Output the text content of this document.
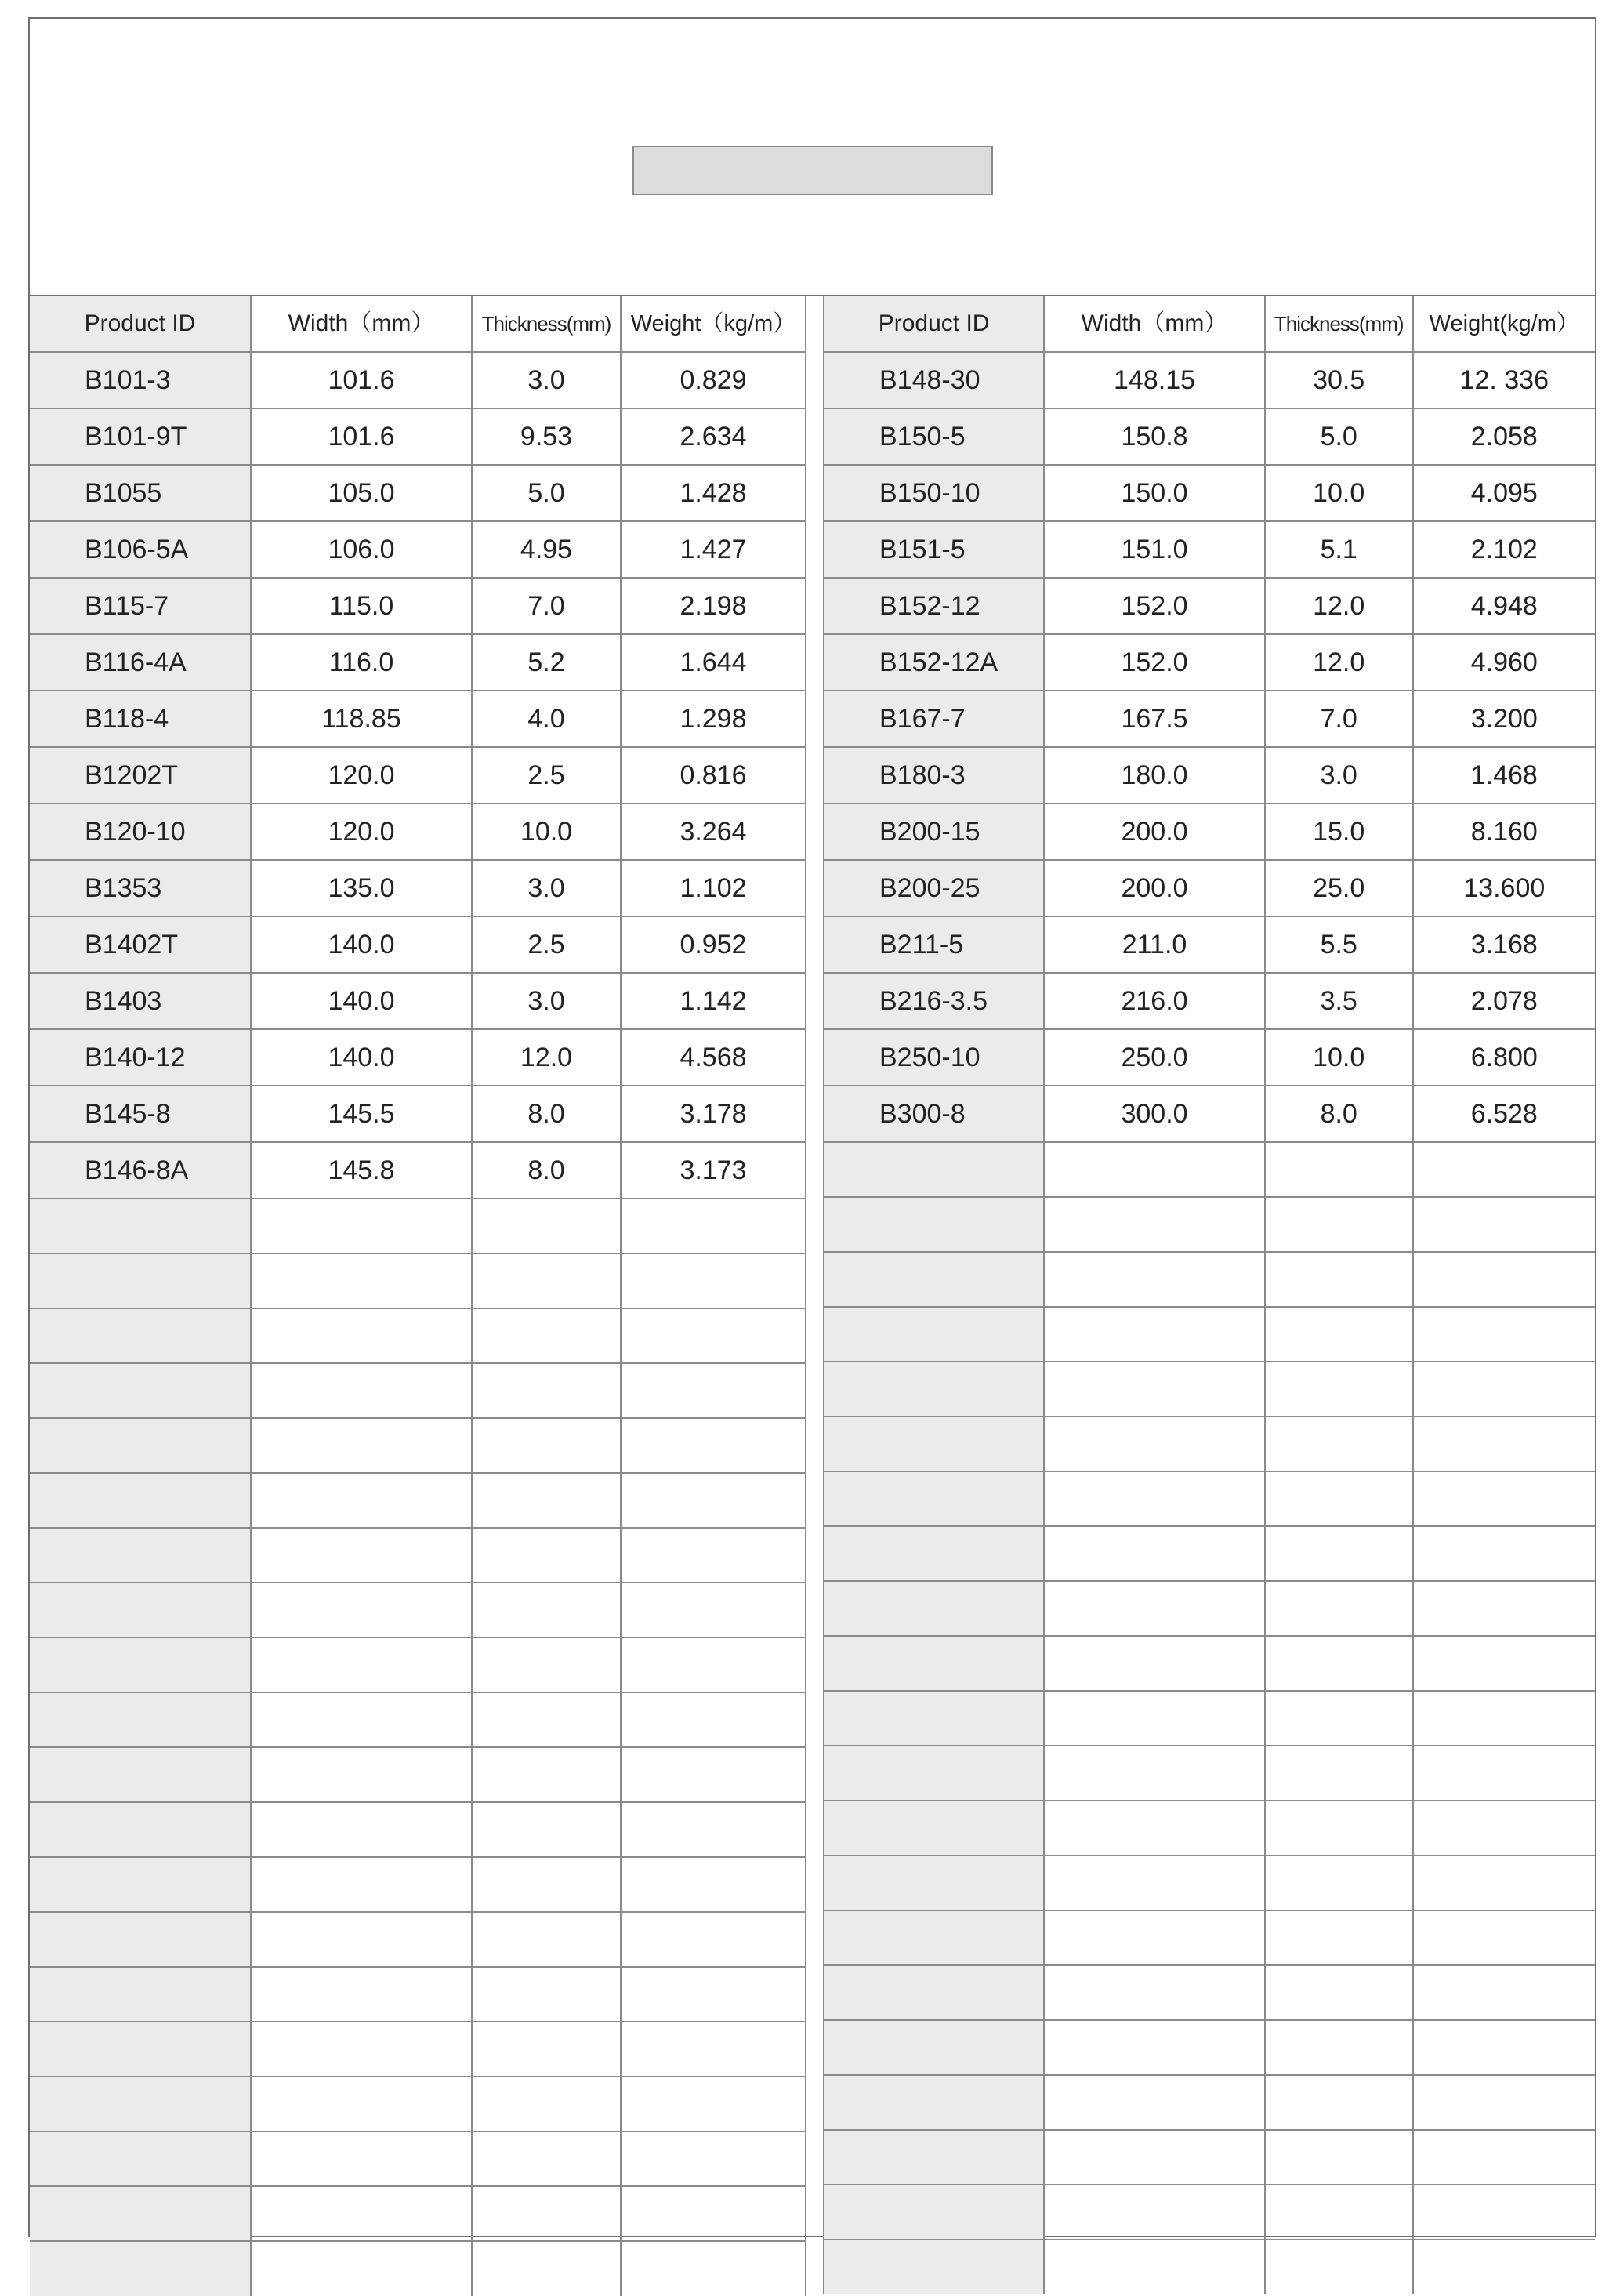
Product ID	Width（mm）	Thickness(mm)	Weight（kg/m）
B101-3	101.6	3.0	0.829
B101-9T	101.6	9.53	2.634
B1055	105.0	5.0	1.428
B106-5A	106.0	4.95	1.427
B115-7	115.0	7.0	2.198
B116-4A	116.0	5.2	1.644
B118-4	118.85	4.0	1.298
B1202T	120.0	2.5	0.816
B120-10	120.0	10.0	3.264
B1353	135.0	3.0	1.102
B1402T	140.0	2.5	0.952
B1403	140.0	3.0	1.142
B140-12	140.0	12.0	4.568
B145-8	145.5	8.0	3.178
B146-8A	145.8	8.0	3.173

Product ID	Width（mm）	Thickness(mm)	Weight(kg/m）
B148-30	148.15	30.5	12. 336
B150-5	150.8	5.0	2.058
B150-10	150.0	10.0	4.095
B151-5	151.0	5.1	2.102
B152-12	152.0	12.0	4.948
B152-12A	152.0	12.0	4.960
B167-7	167.5	7.0	3.200
B180-3	180.0	3.0	1.468
B200-15	200.0	15.0	8.160
B200-25	200.0	25.0	13.600
B211-5	211.0	5.5	3.168
B216-3.5	216.0	3.5	2.078
B250-10	250.0	10.0	6.800
B300-8	300.0	8.0	6.528
